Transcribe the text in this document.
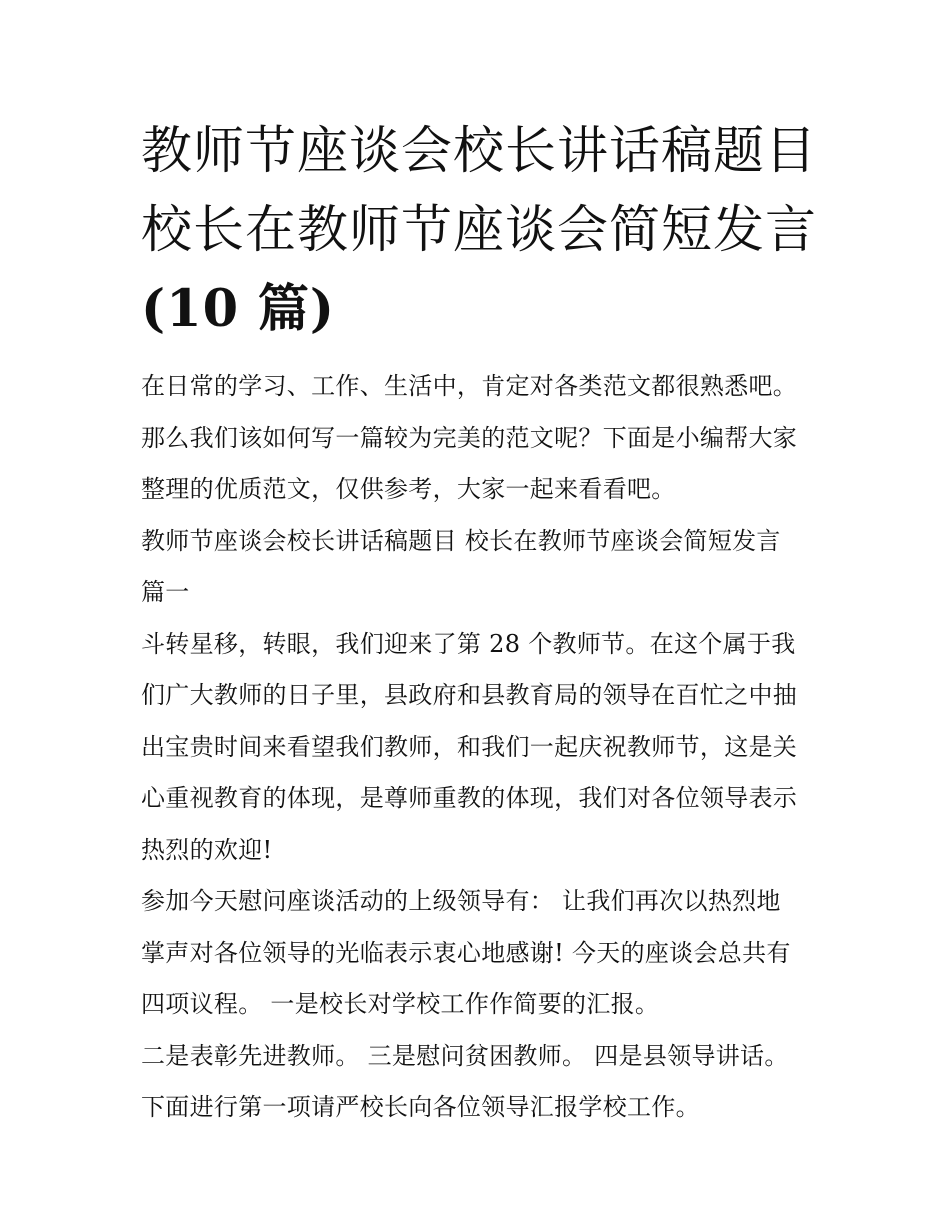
教师节座谈会校长讲话稿题目
校长在教师节座谈会简短发言
(10 篇)

在日常的学习、工作、生活中，肯定对各类范文都很熟悉吧。

那么我们该如何写一篇较为完美的范文呢？下面是小编帮大家

整理的优质范文，仅供参考，大家一起来看看吧。

教师节座谈会校长讲话稿题目 校长在教师节座谈会简短发言

篇一

斗转星移，转眼，我们迎来了第 28 个教师节。在这个属于我

们广大教师的日子里，县政府和县教育局的领导在百忙之中抽

出宝贵时间来看望我们教师，和我们一起庆祝教师节，这是关

心重视教育的体现，是尊师重教的体现，我们对各位领导表示

热烈的欢迎!

参加今天慰问座谈活动的上级领导有： 让我们再次以热烈地

掌声对各位领导的光临表示衷心地感谢! 今天的座谈会总共有

四项议程。 一是校长对学校工作作简要的汇报。

二是表彰先进教师。 三是慰问贫困教师。 四是县领导讲话。

下面进行第一项请严校长向各位领导汇报学校工作。
